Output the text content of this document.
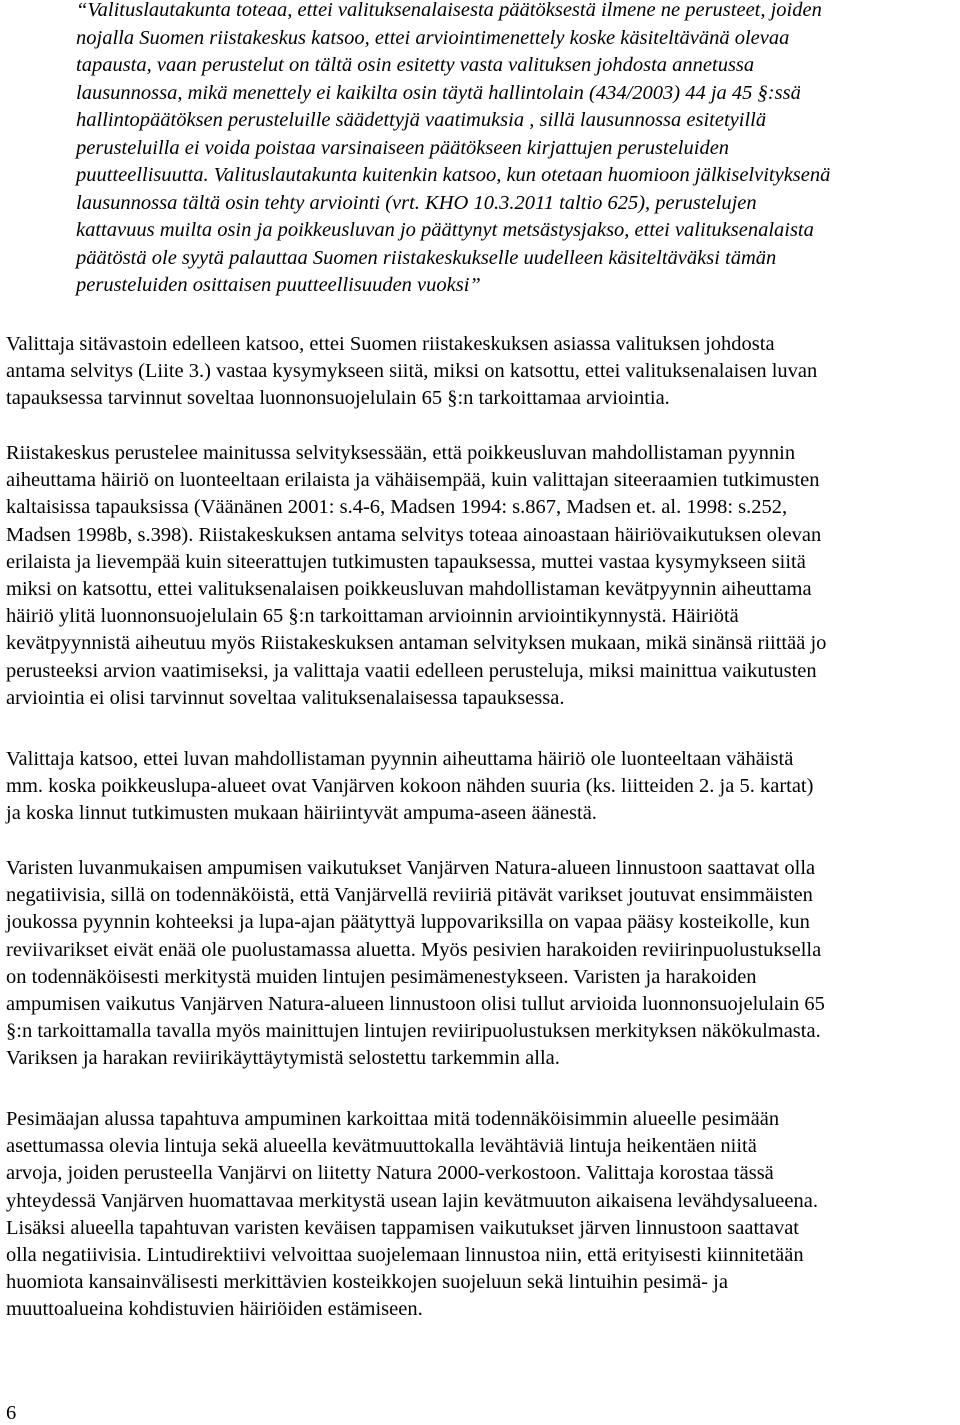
“Valituslautakunta toteaa, ettei valituksenalaisesta päätöksestä ilmene ne perusteet, joiden
nojalla Suomen riistakeskus katsoo, ettei arviointimenettely koske käsiteltävänä olevaa
tapausta, vaan perustelut on tältä osin esitetty vasta valituksen johdosta annetussa
lausunnossa, mikä menettely ei kaikilta osin täytä hallintolain (434/2003) 44 ja 45 §:ssä
hallintopäätöksen perusteluille säädettyjä vaatimuksia , sillä lausunnossa esitetyillä
perusteluilla ei voida poistaa varsinaiseen päätökseen kirjattujen perusteluiden
puutteellisuutta. Valituslautakunta kuitenkin katsoo, kun otetaan huomioon jälkiselvityksenä
lausunnossa tältä osin tehty arviointi (vrt. KHO 10.3.2011 taltio 625), perustelujen
kattavuus muilta osin ja poikkeusluvan jo päättynyt metsästysjakso, ettei valituksenalaista
päätöstä ole syytä palauttaa Suomen riistakeskukselle uudelleen käsiteltäväksi tämän
perusteluiden osittaisen puutteellisuuden vuoksi”
Valittaja sitävastoin edelleen katsoo, ettei Suomen riistakeskuksen asiassa valituksen johdosta
antama selvitys (Liite 3.) vastaa kysymykseen siitä, miksi on katsottu, ettei valituksenalaisen luvan
tapauksessa tarvinnut soveltaa luonnonsuojelulain 65 §:n tarkoittamaa arviointia.
Riistakeskus perustelee mainitussa selvityksessään, että poikkeusluvan mahdollistaman pyynnin
aiheuttama häiriö on luonteeltaan erilaista ja vähäisempää, kuin valittajan siteeraamien tutkimusten
kaltaisissa tapauksissa (Väänänen 2001: s.4-6, Madsen 1994: s.867, Madsen et. al. 1998: s.252,
Madsen 1998b, s.398). Riistakeskuksen antama selvitys toteaa ainoastaan häiriövaikutuksen olevan
erilaista ja lievempää kuin siteerattujen tutkimusten tapauksessa, muttei vastaa kysymykseen siitä
miksi on katsottu, ettei valituksenalaisen poikkeusluvan mahdollistaman kevätpyynnin aiheuttama
häiriö ylitä luonnonsuojelulain 65 §:n tarkoittaman arvioinnin arviointikynnystä. Häiriötä
kevätpyynnistä aiheutuu myös Riistakeskuksen antaman selvityksen mukaan, mikä sinänsä riittää jo
perusteeksi arvion vaatimiseksi, ja valittaja vaatii edelleen perusteluja, miksi mainittua vaikutusten
arviointia ei olisi tarvinnut soveltaa valituksenalaisessa tapauksessa.
Valittaja katsoo, ettei luvan mahdollistaman pyynnin aiheuttama häiriö ole luonteeltaan vähäistä
mm. koska poikkeuslupa-alueet ovat Vanjärven kokoon nähden suuria (ks. liitteiden 2. ja 5. kartat)
ja koska linnut tutkimusten mukaan häiriintyvät ampuma-aseen äänestä.
Varisten luvanmukaisen ampumisen vaikutukset Vanjärven Natura-alueen linnustoon saattavat olla
negatiivisia, sillä on todennäköistä, että Vanjärvellä reviiriä pitävät varikset joutuvat ensimmäisten
joukossa pyynnin kohteeksi ja lupa-ajan päätyttyä luppovariksilla on vapaa pääsy kosteikolle, kun
reviivarikset eivät enää ole puolustamassa aluetta. Myös pesivien harakoiden reviirinpuolustuksella
on todennäköisesti merkitystä muiden lintujen pesimämenestykseen. Varisten ja harakoiden
ampumisen vaikutus Vanjärven Natura-alueen linnustoon olisi tullut arvioida luonnonsuojelulain 65
§:n tarkoittamalla tavalla myös mainittujen lintujen reviiripuolustuksen merkityksen näkökulmasta.
Variksen ja harakan reviirikäyttäytymistä selostettu tarkemmin alla.
Pesimäajan alussa tapahtuva ampuminen karkoittaa mitä todennäköisimmin alueelle pesimään
asettumassa olevia lintuja sekä alueella kevätmuuttokalla levähtäviä lintuja heikentäen niitä
arvoja, joiden perusteella Vanjärvi on liitetty Natura 2000-verkostoon. Valittaja korostaa tässä
yhteydessä Vanjärven huomattavaa merkitystä usean lajin kevätmuuton aikaisena levähdysalueena.
Lisäksi alueella tapahtuvan varisten keväisen tappamisen vaikutukset järven linnustoon saattavat
olla negatiivisia. Lintudirektiivi velvoittaa suojelemaan linnustoa niin, että erityisesti kiinnitetään
huomiota kansainvälisesti merkittävien kosteikkojen suojeluun sekä lintuihin pesimä- ja
muuttoalueina kohdistuvien häiriöiden estämiseen.
6
